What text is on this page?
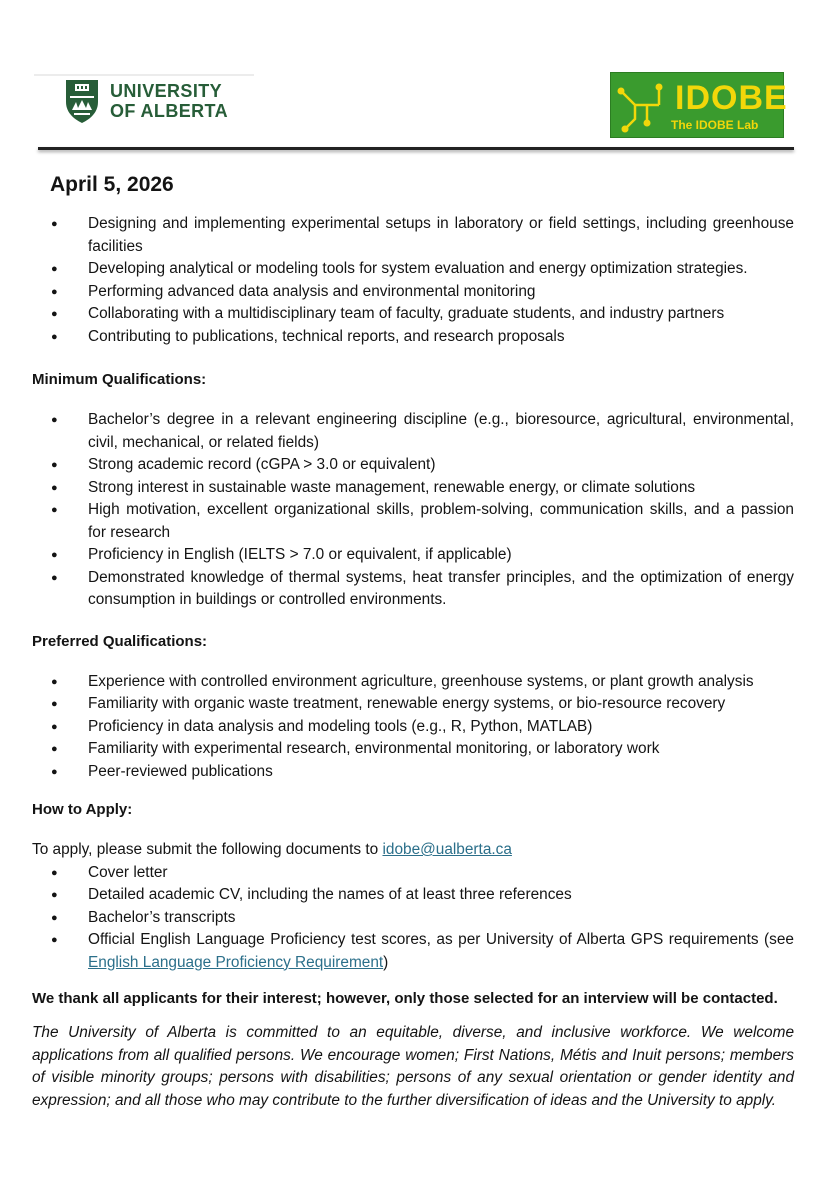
UNIVERSITY
OF ALBERTA	IDOBE
The IDOBE Lab
April 5, 2026
● Designing and implementing experimental setups in laboratory or field settings, including greenhouse facilities
● Developing analytical or modeling tools for system evaluation and energy optimization strategies.
● Performing advanced data analysis and environmental monitoring
● Collaborating with a multidisciplinary team of faculty, graduate students, and industry partners
● Contributing to publications, technical reports, and research proposals
Minimum Qualifications:
● Bachelor’s degree in a relevant engineering discipline (e.g., bioresource, agricultural, environmental, civil, mechanical, or related fields)
● Strong academic record (cGPA > 3.0 or equivalent)
● Strong interest in sustainable waste management, renewable energy, or climate solutions
● High motivation, excellent organizational skills, problem-solving, communication skills, and a passion for research
● Proficiency in English (IELTS > 7.0 or equivalent, if applicable)
● Demonstrated knowledge of thermal systems, heat transfer principles, and the optimization of energy consumption in buildings or controlled environments.
Preferred Qualifications:
● Experience with controlled environment agriculture, greenhouse systems, or plant growth analysis
● Familiarity with organic waste treatment, renewable energy systems, or bio-resource recovery
● Proficiency in data analysis and modeling tools (e.g., R, Python, MATLAB)
● Familiarity with experimental research, environmental monitoring, or laboratory work
● Peer-reviewed publications
How to Apply:
To apply, please submit the following documents to idobe@ualberta.ca
● Cover letter
● Detailed academic CV, including the names of at least three references
● Bachelor’s transcripts
● Official English Language Proficiency test scores, as per University of Alberta GPS requirements (see English Language Proficiency Requirement)
We thank all applicants for their interest; however, only those selected for an interview will be contacted.
The University of Alberta is committed to an equitable, diverse, and inclusive workforce. We welcome applications from all qualified persons. We encourage women; First Nations, Métis and Inuit persons; members of visible minority groups; persons with disabilities; persons of any sexual orientation or gender identity and expression; and all those who may contribute to the further diversification of ideas and the University to apply.
